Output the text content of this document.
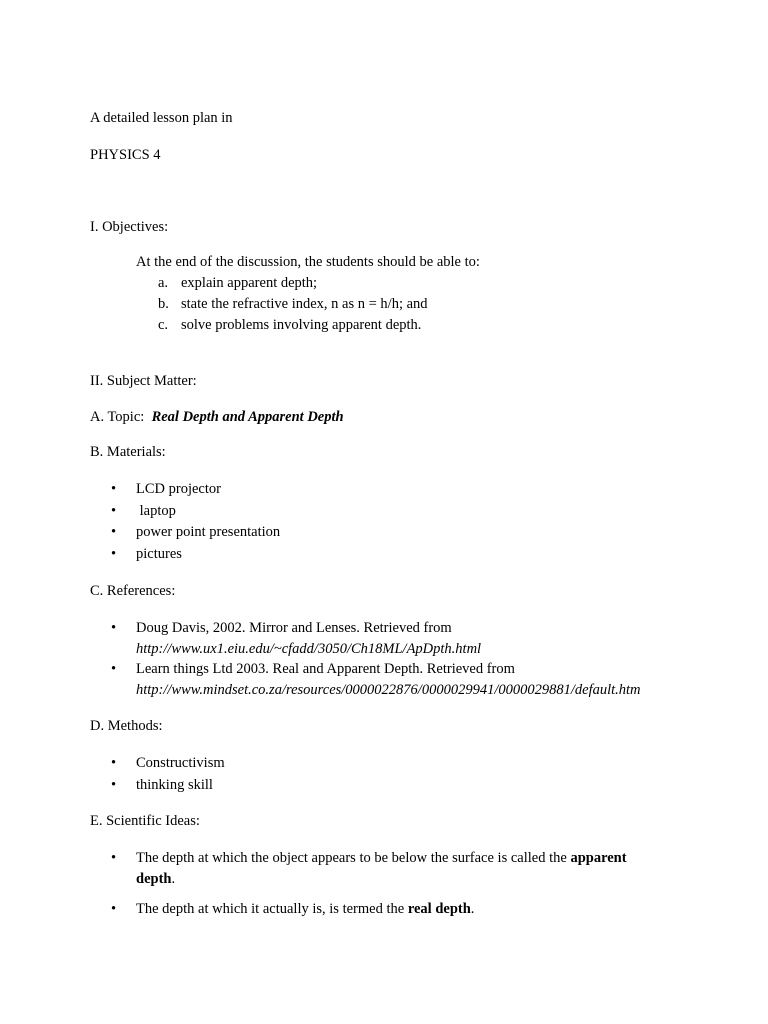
A detailed lesson plan in
PHYSICS 4
I. Objectives:
At the end of the discussion, the students should be able to:
a. explain apparent depth;
b. state the refractive index, n as n = h/h; and
c. solve problems involving apparent depth.
II. Subject Matter:
A. Topic: Real Depth and Apparent Depth
B. Materials:
• LCD projector
• laptop
• power point presentation
• pictures
C. References:
• Doug Davis, 2002. Mirror and Lenses. Retrieved from
http://www.ux1.eiu.edu/~cfadd/3050/Ch18ML/ApDpth.html
• Learn things Ltd 2003. Real and Apparent Depth. Retrieved from
http://www.mindset.co.za/resources/0000022876/0000029941/0000029881/default.htm
D. Methods:
• Constructivism
• thinking skill
E. Scientific Ideas:
• The depth at which the object appears to be below the surface is called the apparent depth.
• The depth at which it actually is, is termed the real depth.
